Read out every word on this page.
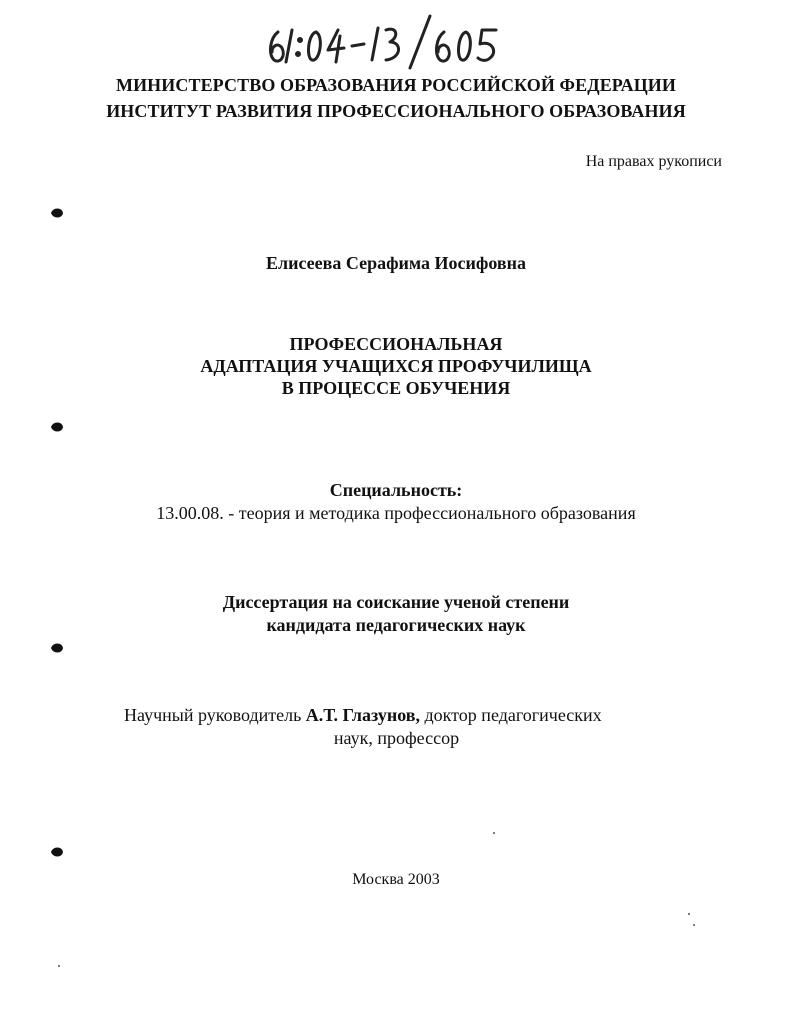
МИНИСТЕРСТВО ОБРАЗОВАНИЯ РОССИЙСКОЙ ФЕДЕРАЦИИ
ИНСТИТУТ РАЗВИТИЯ ПРОФЕССИОНАЛЬНОГО ОБРАЗОВАНИЯ
На правах рукописи
Елисеева Серафима Иосифовна
ПРОФЕССИОНАЛЬНАЯ
АДАПТАЦИЯ УЧАЩИХСЯ ПРОФУЧИЛИЩА
В ПРОЦЕССЕ ОБУЧЕНИЯ
Специальность:
13.00.08. - теория и методика профессионального образования
Диссертация на соискание ученой степени
кандидата педагогических наук
Научный руководитель А.Т. Глазунов, доктор педагогических
наук, профессор
Москва 2003
